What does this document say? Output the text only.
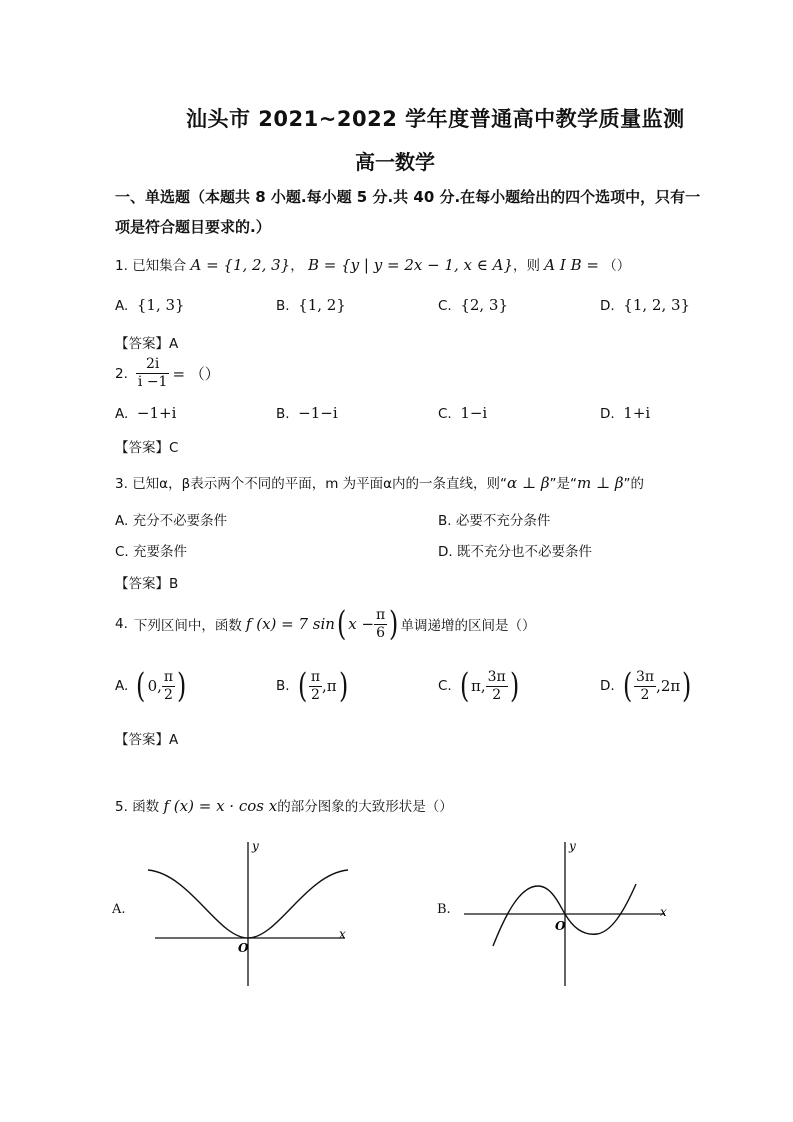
汕头市 2021~2022 学年度普通高中教学质量监测
高一数学
一、单选题（本题共 8 小题.每小题 5 分.共 40 分.在每小题给出的四个选项中，只有一
项是符合题目要求的.）
1. 已知集合 A = {1, 2, 3}， B = {y | y = 2x − 1, x ∈ A}，则 A I B = （）
A. {1, 3}	B. {1, 2}	C. {2, 3}	D. {1, 2, 3}
【答案】A
2. $\frac{2i}{i -1}$ = （）
A. −1+i	B. −1−i	C. 1−i	D. 1+i
【答案】C
3. 已知α，β表示两个不同的平面，m 为平面α内的一条直线，则“α ⊥ β”是“m ⊥ β”的
A. 充分不必要条件	B. 必要不充分条件
C. 充要条件	D. 既不充分也不必要条件
【答案】B
4. 下列区间中，函数 f (x) = 7 sin ( $x - \frac{\pi}{6}$ ) 单调递增的区间是（）
A. ( 0, $\frac{\pi}{2}$ )	B. ( $\frac{\pi}{2} ,\pi$ )	C. ( π, $\frac{3\pi}{2}$ )	D. ( $\frac{3\pi}{2} ,2\pi$ )
【答案】A
5. 函数 f (x) = x · cos x的部分图象的大致形状是（）
A.
y
x
O
B.
y
x
O
